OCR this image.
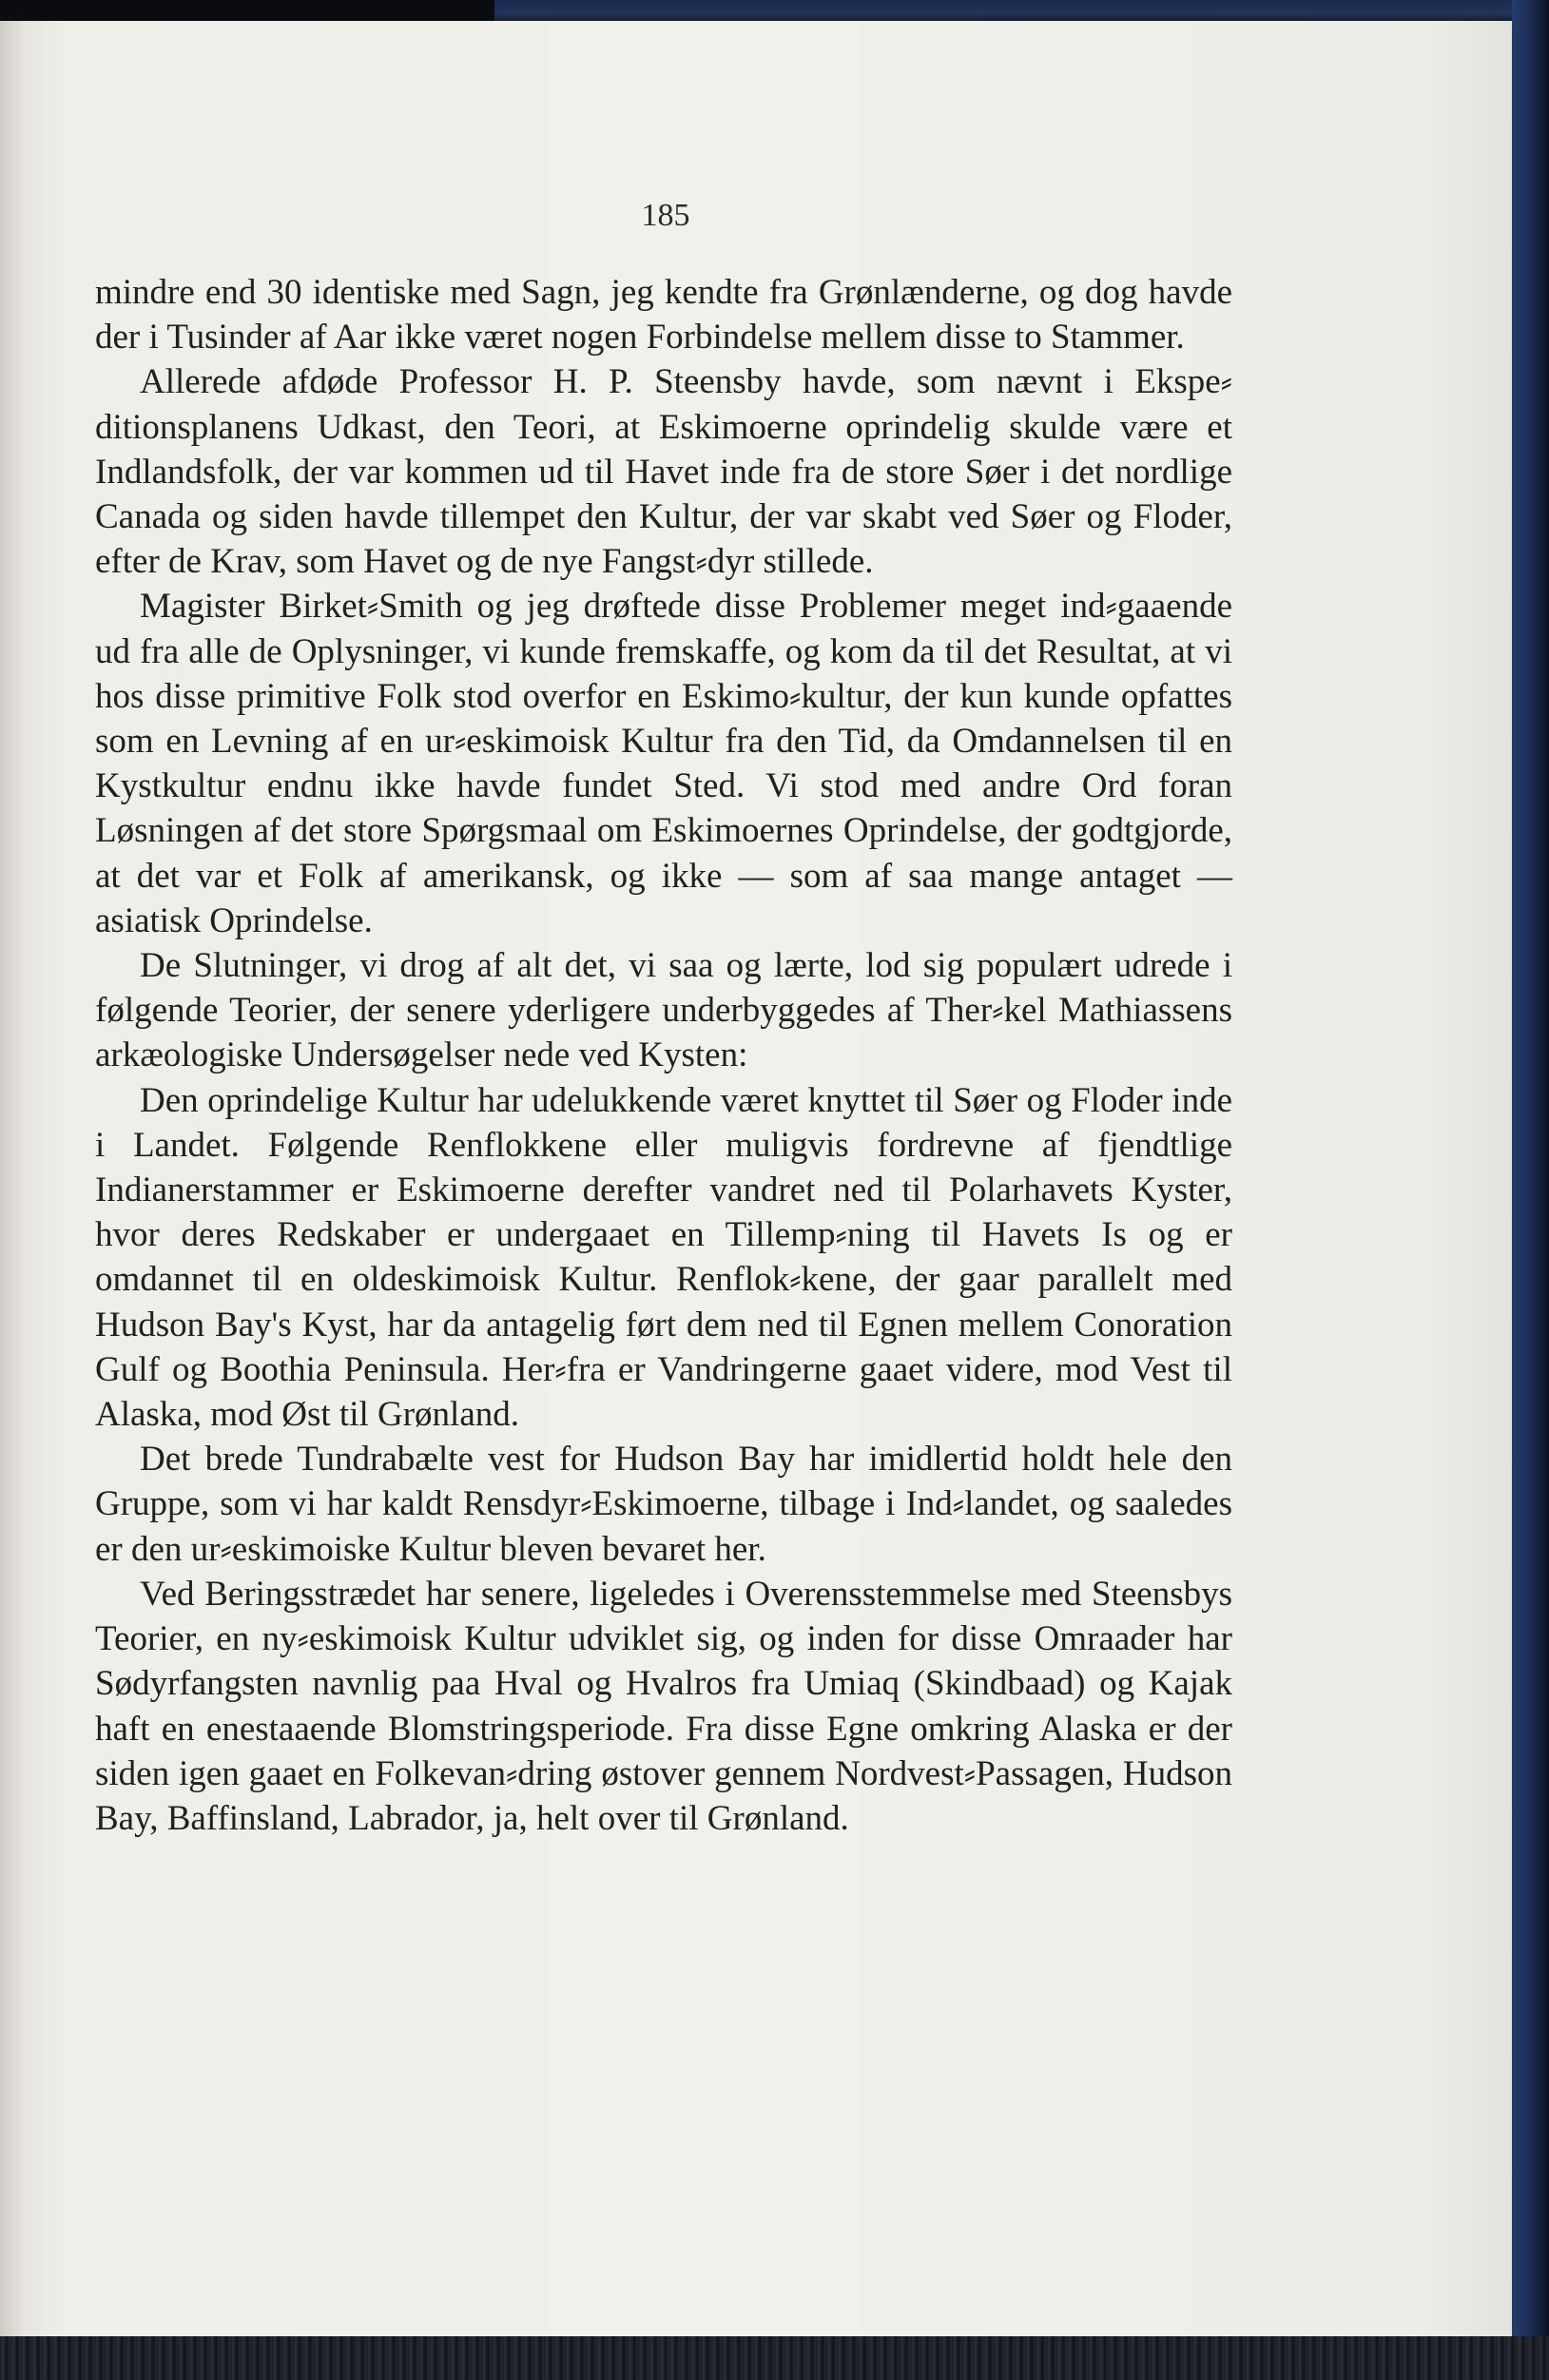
185

mindre end 30 identiske med Sagn, jeg kendte fra Grønlænderne, og dog havde der i Tusinder af Aar ikke været nogen Forbindelse mellem disse to Stammer.

Allerede afdøde Professor H. P. Steensby havde, som nævnt i Ekspe⸗ditionsplanens Udkast, den Teori, at Eskimoerne oprindelig skulde være et Indlandsfolk, der var kommen ud til Havet inde fra de store Søer i det nordlige Canada og siden havde tillempet den Kultur, der var skabt ved Søer og Floder, efter de Krav, som Havet og de nye Fangst⸗dyr stillede.

Magister Birket⸗Smith og jeg drøftede disse Problemer meget ind⸗gaaende ud fra alle de Oplysninger, vi kunde fremskaffe, og kom da til det Resultat, at vi hos disse primitive Folk stod overfor en Eskimo⸗kultur, der kun kunde opfattes som en Levning af en ur⸗eskimoisk Kultur fra den Tid, da Omdannelsen til en Kystkultur endnu ikke havde fundet Sted. Vi stod med andre Ord foran Løsningen af det store Spørgsmaal om Eskimoernes Oprindelse, der godtgjorde, at det var et Folk af amerikansk, og ikke — som af saa mange antaget — asiatisk Oprindelse.

De Slutninger, vi drog af alt det, vi saa og lærte, lod sig populært udrede i følgende Teorier, der senere yderligere underbyggedes af Ther⸗kel Mathiassens arkæologiske Undersøgelser nede ved Kysten:

Den oprindelige Kultur har udelukkende været knyttet til Søer og Floder inde i Landet. Følgende Renflokkene eller muligvis fordrevne af fjendtlige Indianerstammer er Eskimoerne derefter vandret ned til Polarhavets Kyster, hvor deres Redskaber er undergaaet en Tillemp⸗ning til Havets Is og er omdannet til en oldeskimoisk Kultur. Renflok⸗kene, der gaar parallelt med Hudson Bay's Kyst, har da antagelig ført dem ned til Egnen mellem Conoration Gulf og Boothia Peninsula. Her⸗fra er Vandringerne gaaet videre, mod Vest til Alaska, mod Øst til Grønland.

Det brede Tundrabælte vest for Hudson Bay har imidlertid holdt hele den Gruppe, som vi har kaldt Rensdyr⸗Eskimoerne, tilbage i Ind⸗landet, og saaledes er den ur⸗eskimoiske Kultur bleven bevaret her.

Ved Beringsstrædet har senere, ligeledes i Overensstemmelse med Steensbys Teorier, en ny⸗eskimoisk Kultur udviklet sig, og inden for disse Omraader har Sødyrfangsten navnlig paa Hval og Hvalros fra Umiaq (Skindbaad) og Kajak haft en enestaaende Blomstringsperiode. Fra disse Egne omkring Alaska er der siden igen gaaet en Folkevan⸗dring østover gennem Nordvest⸗Passagen, Hudson Bay, Baffinsland, Labrador, ja, helt over til Grønland.
